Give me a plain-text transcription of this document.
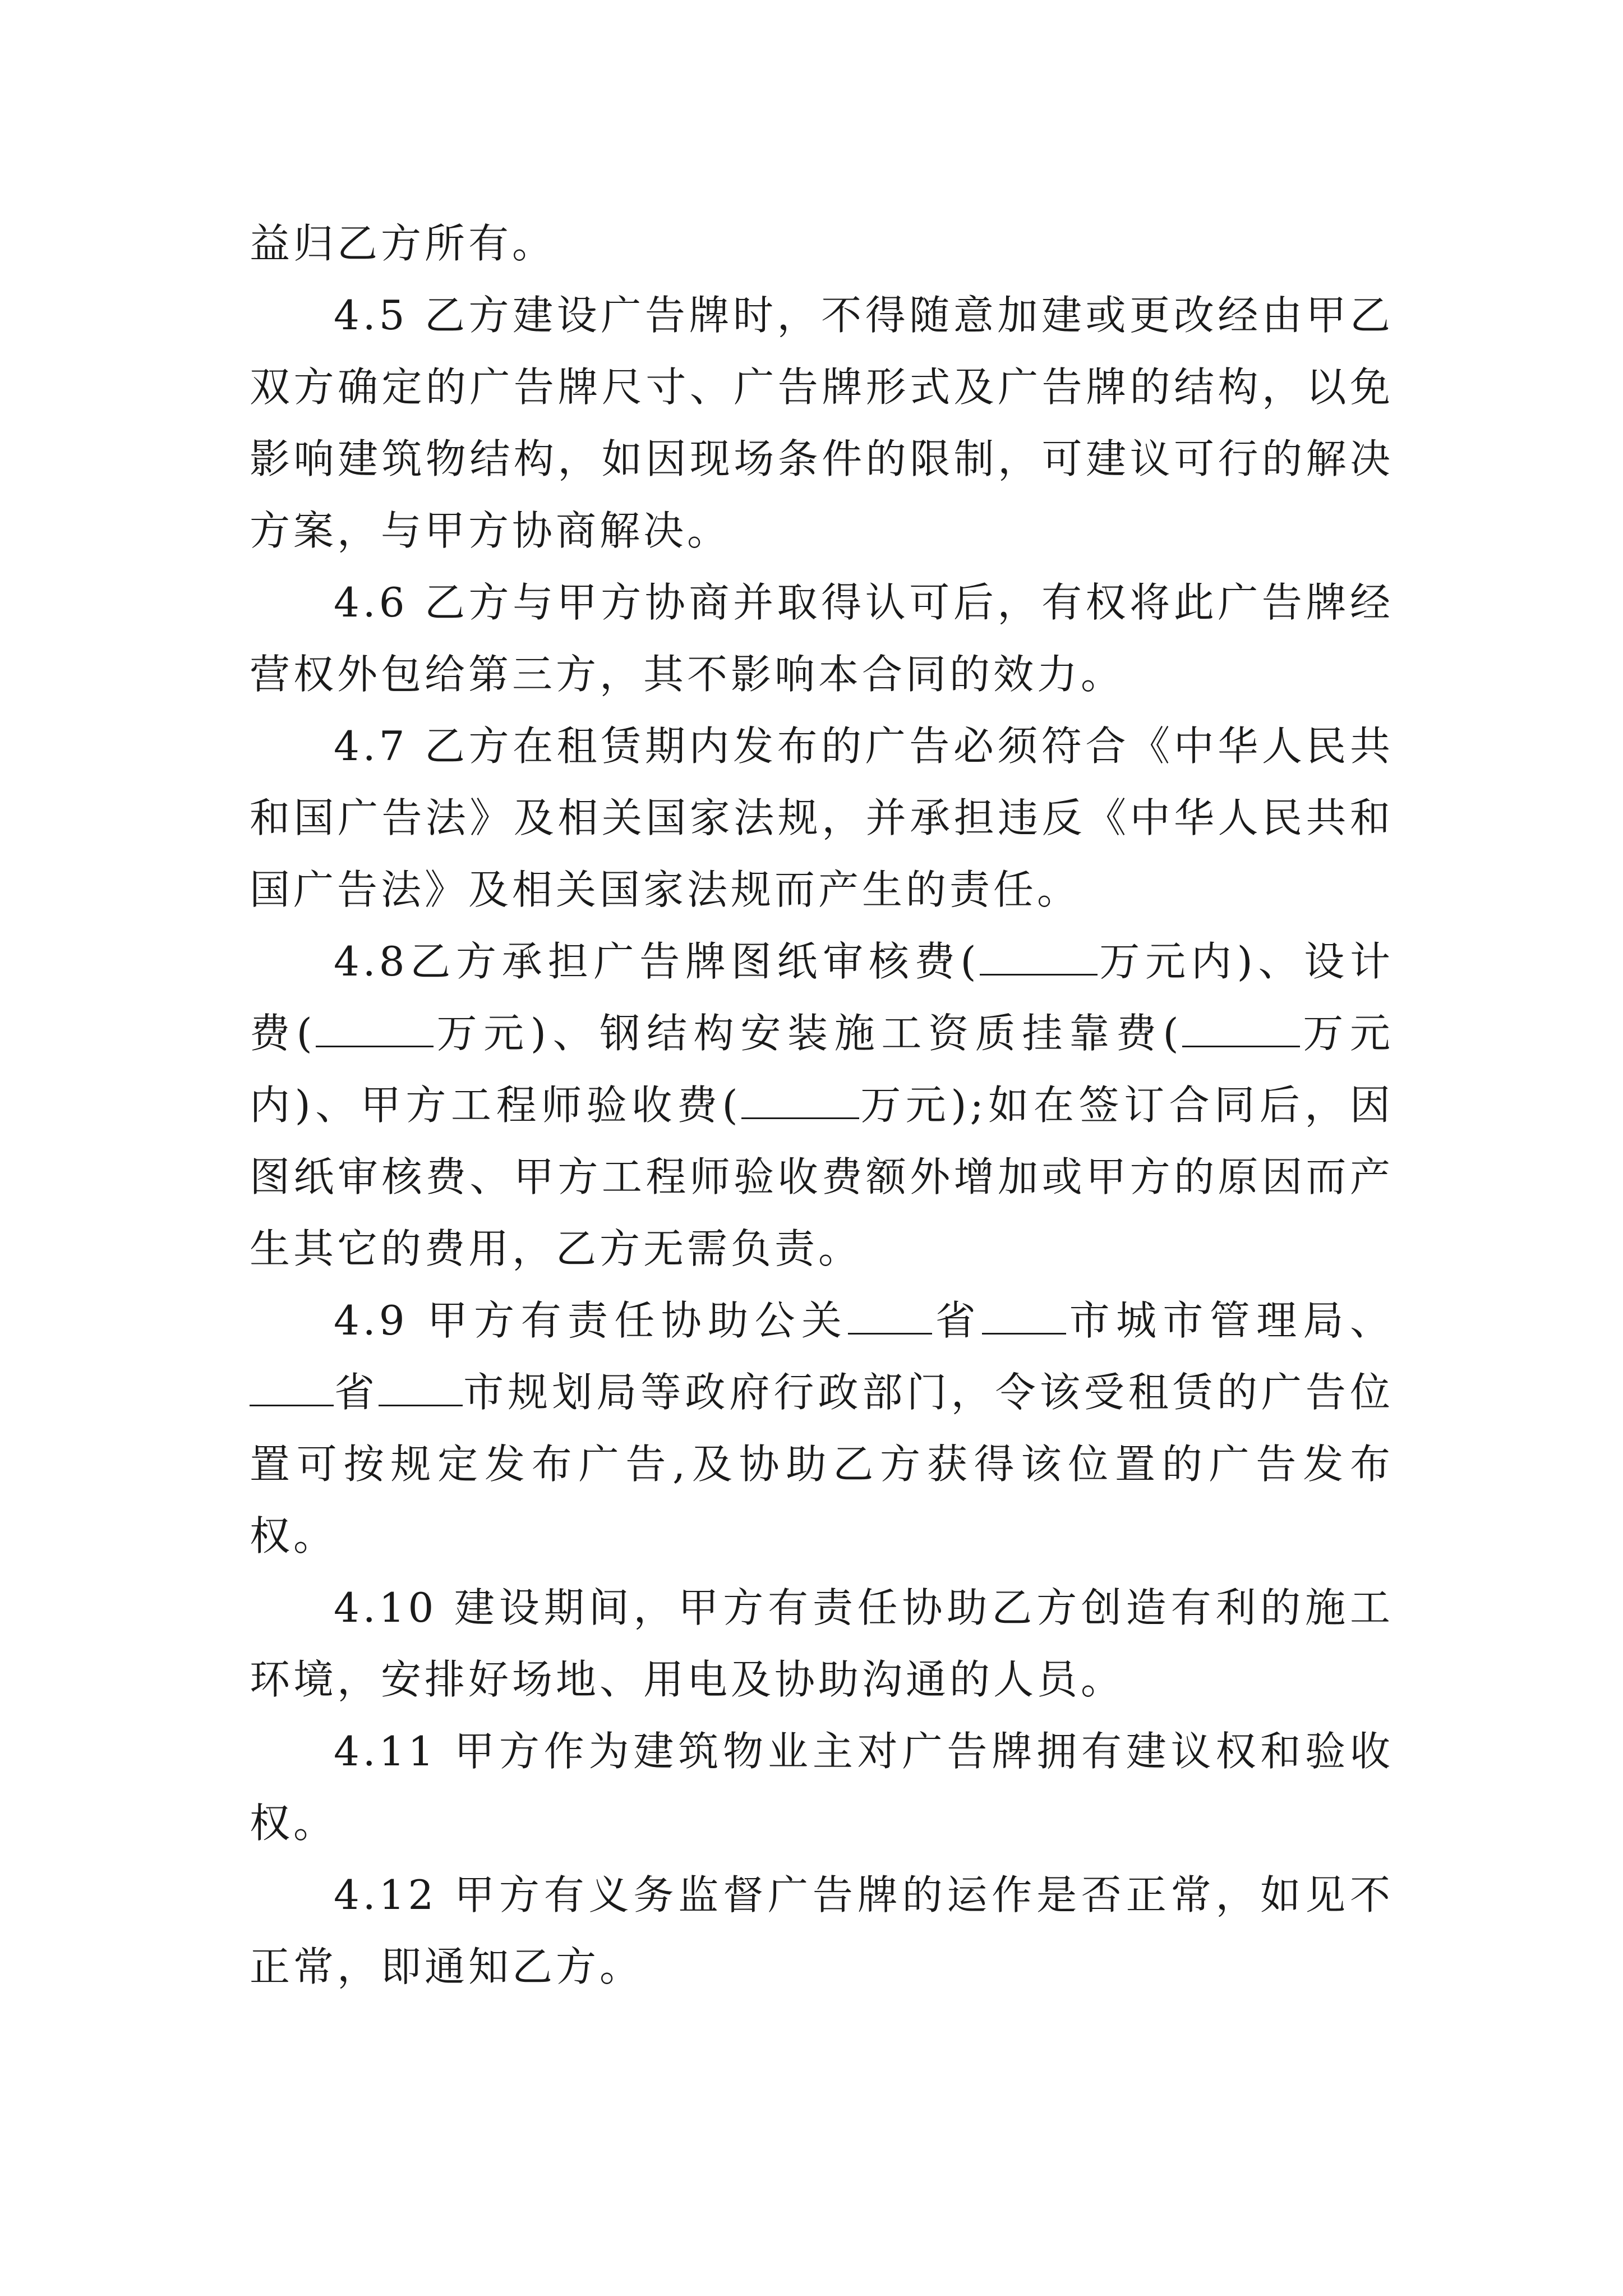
益归乙方所有。

4.5 乙方建设广告牌时，不得随意加建或更改经由甲乙双方确定的广告牌尺寸、广告牌形式及广告牌的结构，以免影响建筑物结构，如因现场条件的限制，可建议可行的解决方案，与甲方协商解决。

4.6 乙方与甲方协商并取得认可后，有权将此广告牌经营权外包给第三方，其不影响本合同的效力。

4.7 乙方在租赁期内发布的广告必须符合《中华人民共和国广告法》及相关国家法规，并承担违反《中华人民共和国广告法》及相关国家法规而产生的责任。

4.8乙方承担广告牌图纸审核费(	万元内)、设计费(	万元)、钢结构安装施工资质挂靠费(	万元内)、甲方工程师验收费(	万元);如在签订合同后，因图纸审核费、甲方工程师验收费额外增加或甲方的原因而产生其它的费用，乙方无需负责。

4.9 甲方有责任协助公关 省 市城市管理局、省 市规划局等政府行政部门，令该受租赁的广告位置可按规定发布广告,及协助乙方获得该位置的广告发布权。

4.10 建设期间，甲方有责任协助乙方创造有利的施工环境，安排好场地、用电及协助沟通的人员。

4.11 甲方作为建筑物业主对广告牌拥有建议权和验收权。

4.12 甲方有义务监督广告牌的运作是否正常，如见不正常，即通知乙方。
